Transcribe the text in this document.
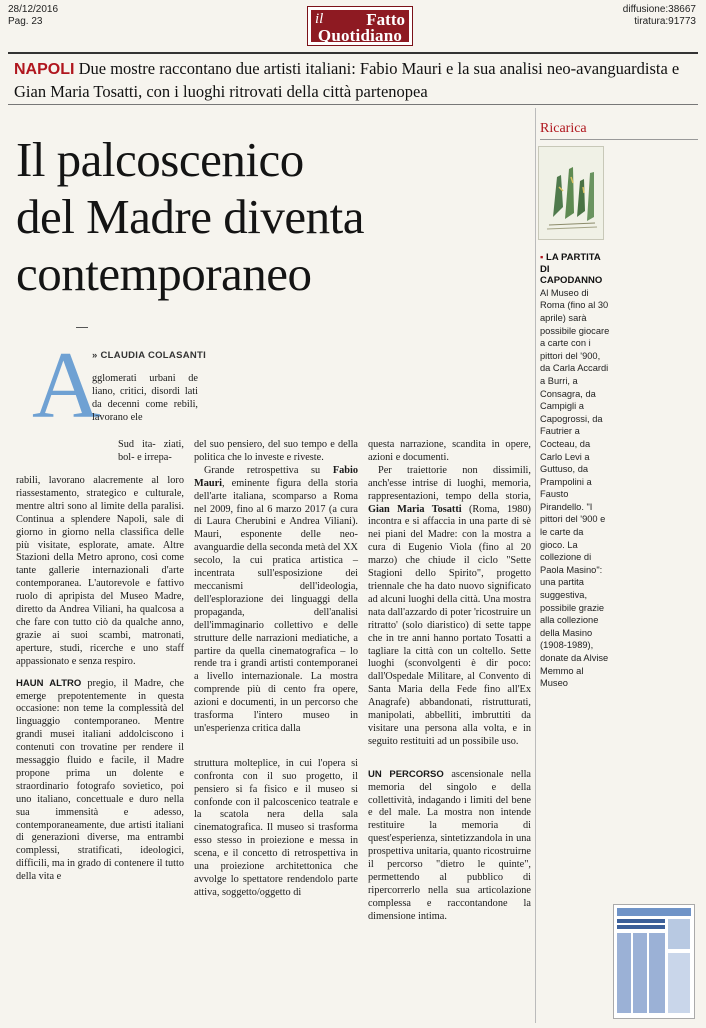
28/12/2016
Pag. 23	il	Fatto
Quotidiano
diffusione:38667
tiratura:91773
NAPOLI Due mostre raccontano due artisti italiani: Fabio Mauri e la sua analisi neo-avanguardista e Gian Maria Tosatti, con i luoghi ritrovati della città partenopea
Il palcoscenico
del Madre diventa
contemporaneo
A
» CLAUDIA COLASANTI
gglomerati urbani de liano, critici, disordi lati da decenni come rebili, lavorano ele
Sud ita- ziati, bol- e irrepa-

rabili, lavorano alacremente al loro riassestamento, strategico e culturale, mentre altri sono al limite della paralisi. Continua a splendere Napoli, sale di giorno in giorno nella classifica delle più visitate, esplorate, amate. Altre Stazioni della Metro aprono, così come tante gallerie internazionali d'arte contemporanea. L'autorevole e fattivo ruolo di apripista del Museo Madre, diretto da Andrea Viliani, ha qualcosa a che fare con tutto ciò da qualche anno, grazie ai suoi scambi, matronati, aperture, studi, ricerche e uno staff appassionato e senza respiro.

HAUN ALTRO pregio, il Madre, che emerge prepotentemente in questa occasione: non teme la complessità del linguaggio contemporaneo. Mentre grandi musei italiani addolciscono i contenuti con trovatine per rendere il messaggio fluido e facile, il Madre propone prima un dolente e straordinario fotografo sovietico, poi uno italiano, concettuale e duro nella sua immensità e adesso, contemporaneamente, due artisti italiani di generazioni diverse, ma entrambi complessi, stratificati, ideologici, difficili, ma in grado di contenere il tutto della vita e

del suo pensiero, del suo tempo e della politica che lo investe e riveste.

Grande retrospettiva su Fabio Mauri, eminente figura della storia dell'arte italiana, scomparso a Roma nel 2009, fino al 6 marzo 2017 (a cura di Laura Cherubini e Andrea Viliani). Mauri, esponente delle neo-avanguardie della seconda metà del XX secolo, la cui pratica artistica – incentrata sull'esposizione dei meccanismi dell'ideologia, dell'esplorazione dei linguaggi della propaganda, dell'analisi dell'immaginario collettivo e delle strutture delle narrazioni mediatiche, a partire da quella cinematografica – lo rende tra i grandi artisti contemporanei a livello internazionale. La mostra comprende più di cento fra opere, azioni e documenti, in un percorso che trasforma l'intero museo in un'esperienza critica dalla

struttura molteplice, in cui l'opera si confronta con il suo progetto, il pensiero si fa fisico e il museo si confonde con il palcoscenico teatrale e la scatola nera della sala cinematografica. Il museo si trasforma esso stesso in proiezione e messa in scena, e il concetto di retrospettiva in una proiezione architettonica che avvolge lo spettatore rendendolo parte attiva, soggetto/oggetto di

questa narrazione, scandita in opere, azioni e documenti.

Per traiettorie non dissimili, anch'esse intrise di luoghi, memoria, rappresentazioni, tempo della storia, Gian Maria Tosatti (Roma, 1980) incontra e si affaccia in una parte di sè nei piani del Madre: con la mostra a cura di Eugenio Viola (fino al 20 marzo) che chiude il ciclo "Sette Stagioni dello Spirito", progetto triennale che ha dato nuovo significato ad alcuni luoghi della città. Una mostra nata dall'azzardo di poter 'ricostruire un ritratto' (solo diaristico) di sette tappe che in tre anni hanno portato Tosatti a tagliare la città con un coltello. Sette luoghi (sconvolgenti è dir poco: dall'Ospedale Militare, al Convento di Santa Maria della Fede fino all'Ex Anagrafe) abbandonati, ristrutturati, manipolati, abbelliti, imbruttiti da visitare una persona alla volta, e in seguito restituiti ad un possibile uso.

UN PERCORSO ascensionale nella memoria del singolo e della collettività, indagando i limiti del bene e del male. La mostra non intende restituire la memoria di quest'esperienza, sintetizzandola in una prospettiva unitaria, quanto ricostruirne il percorso "dietro le quinte", permettendo al pubblico di ripercorrerlo nella sua articolazione complessa e raccontandone la dimensione intima.

Ricarica
▪ LA PARTITA DI CAPODANNO
Al Museo di Roma (fino al 30 aprile) sarà possibile giocare a carte con i pittori del '900, da Carla Accardi a Burri, a Consagra, da Campigli a Capogrossi, da Fautrier a Cocteau, da Carlo Levi a Guttuso, da Prampolini a Fausto Pirandello. "I pittori del '900 e le carte da gioco. La collezione di Paola Masino": una partita suggestiva, possibile grazie alla collezione della Masino (1908-1989), donate da Alvise Memmo al Museo
